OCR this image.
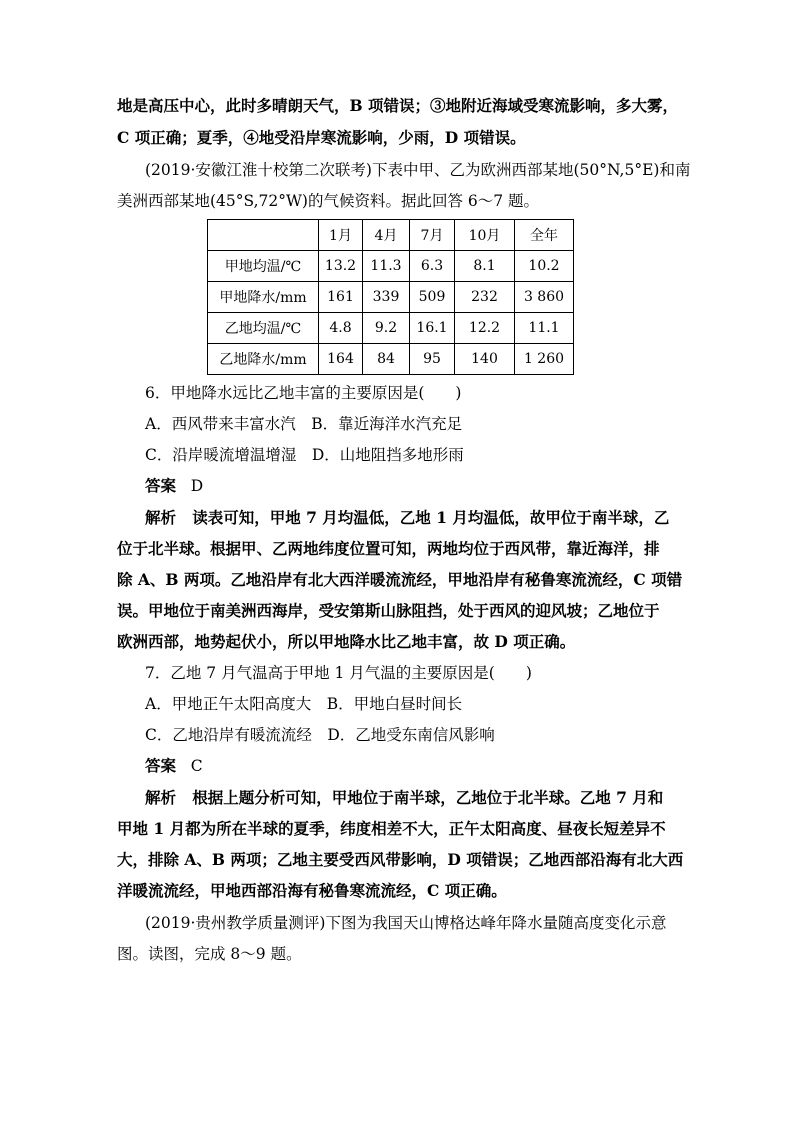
地是高压中心，此时多晴朗天气，B 项错误；③地附近海域受寒流影响，多大雾，
C 项正确；夏季，④地受沿岸寒流影响，少雨，D 项错误。
(2019·安徽江淮十校第二次联考)下表中甲、乙为欧洲西部某地(50°N,5°E)和南
美洲西部某地(45°S,72°W)的气候资料。据此回答 6～7 题。
	1月	4月	7月	10月	全年
甲地均温/℃	13.2	11.3	6.3	8.1	10.2
甲地降水/mm	161	339	509	232	3 860
乙地均温/℃	4.8	9.2	16.1	12.2	11.1
乙地降水/mm	164	84	95	140	1 260
6．甲地降水远比乙地丰富的主要原因是(　　)
A．西风带来丰富水汽　B．靠近海洋水汽充足
C．沿岸暖流增温增湿　D．山地阻挡多地形雨
答案 D
解析 读表可知，甲地 7 月均温低，乙地 1 月均温低，故甲位于南半球，乙
位于北半球。根据甲、乙两地纬度位置可知，两地均位于西风带，靠近海洋，排
除 A、B 两项。乙地沿岸有北大西洋暖流流经，甲地沿岸有秘鲁寒流流经，C 项错
误。甲地位于南美洲西海岸，受安第斯山脉阻挡，处于西风的迎风坡；乙地位于
欧洲西部，地势起伏小，所以甲地降水比乙地丰富，故 D 项正确。
7．乙地 7 月气温高于甲地 1 月气温的主要原因是(　　)
A．甲地正午太阳高度大　B．甲地白昼时间长
C．乙地沿岸有暖流流经　D．乙地受东南信风影响
答案 C
解析 根据上题分析可知，甲地位于南半球，乙地位于北半球。乙地 7 月和
甲地 1 月都为所在半球的夏季，纬度相差不大，正午太阳高度、昼夜长短差异不
大，排除 A、B 两项；乙地主要受西风带影响，D 项错误；乙地西部沿海有北大西
洋暖流流经，甲地西部沿海有秘鲁寒流流经，C 项正确。
(2019·贵州教学质量测评)下图为我国天山博格达峰年降水量随高度变化示意
图。读图，完成 8～9 题。
